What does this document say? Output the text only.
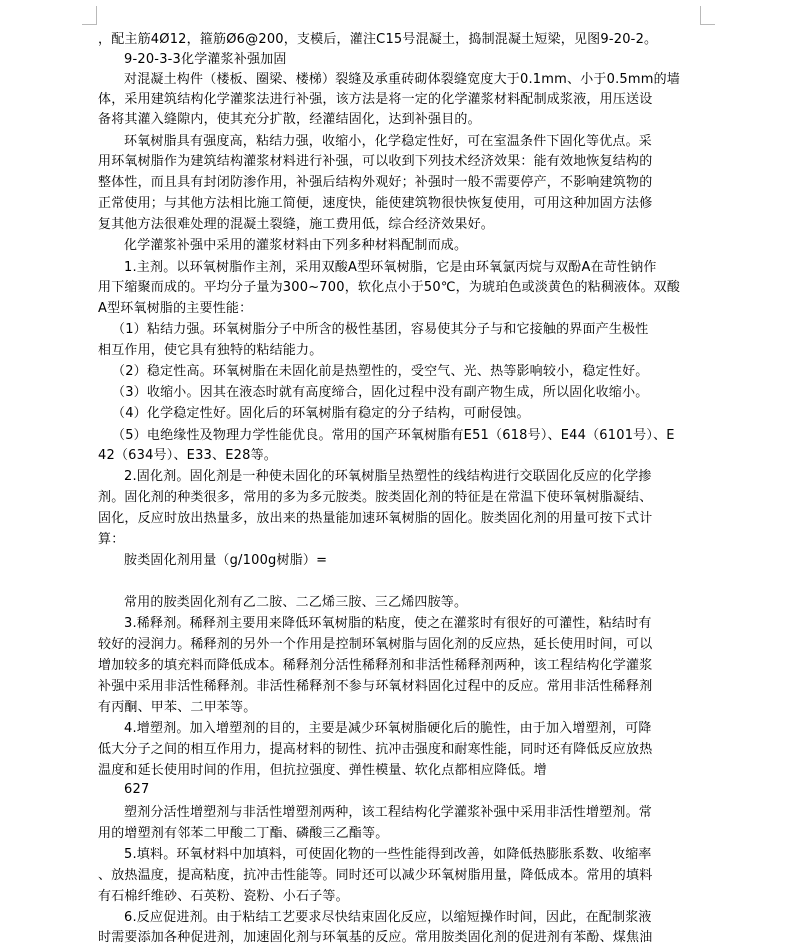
，配主筋4Ø12，箍筋Ø6@200，支模后，灌注C15号混凝土，捣制混凝土短梁，见图9-20-2。
9-20-3-3化学灌浆补强加固
对混凝土构件（楼板、圈梁、楼梯）裂缝及承重砖砌体裂缝宽度大于0.1mm、小于0.5mm的墙
体，采用建筑结构化学灌浆法进行补强，该方法是将一定的化学灌浆材料配制成浆液，用压送设
备将其灌入缝隙内，使其充分扩散，经灌结固化，达到补强目的。
环氧树脂具有强度高，粘结力强，收缩小，化学稳定性好，可在室温条件下固化等优点。采
用环氧树脂作为建筑结构灌浆材料进行补强，可以收到下列技术经济效果：能有效地恢复结构的
整体性，而且具有封闭防渗作用，补强后结构外观好；补强时一般不需要停产，不影响建筑物的
正常使用；与其他方法相比施工简便，速度快，能使建筑物很快恢复使用，可用这种加固方法修
复其他方法很难处理的混凝土裂缝，施工费用低，综合经济效果好。
化学灌浆补强中采用的灌浆材料由下列多种材料配制而成。
1.主剂。以环氧树脂作主剂，采用双酸A型环氧树脂，它是由环氧氯丙烷与双酚A在苛性钠作
用下缩聚而成的。平均分子量为300~700，软化点小于50℃，为琥珀色或淡黄色的粘稠液体。双酸
A型环氧树脂的主要性能：
（1）粘结力强。环氧树脂分子中所含的极性基团，容易使其分子与和它接触的界面产生极性
相互作用，使它具有独特的粘结能力。
（2）稳定性高。环氧树脂在未固化前是热塑性的，受空气、光、热等影响较小，稳定性好。
（3）收缩小。因其在液态时就有高度缔合，固化过程中没有副产物生成，所以固化收缩小。
（4）化学稳定性好。固化后的环氧树脂有稳定的分子结构，可耐侵蚀。
（5）电绝缘性及物理力学性能优良。常用的国产环氧树脂有E51（618号）、E44（6101号）、E
42（634号）、E33、E28等。
2.固化剂。固化剂是一种使未固化的环氧树脂呈热塑性的线结构进行交联固化反应的化学掺
剂。固化剂的种类很多，常用的多为多元胺类。胺类固化剂的特征是在常温下使环氧树脂凝结、
固化，反应时放出热量多，放出来的热量能加速环氧树脂的固化。胺类固化剂的用量可按下式计
算：
胺类固化剂用量（g/100g树脂）=
常用的胺类固化剂有乙二胺、二乙烯三胺、三乙烯四胺等。
3.稀释剂。稀释剂主要用来降低环氧树脂的粘度，使之在灌浆时有很好的可灌性，粘结时有
较好的浸润力。稀释剂的另外一个作用是控制环氧树脂与固化剂的反应热，延长使用时间，可以
增加较多的填充料而降低成本。稀释剂分活性稀释剂和非活性稀释剂两种，该工程结构化学灌浆
补强中采用非活性稀释剂。非活性稀释剂不参与环氧材料固化过程中的反应。常用非活性稀释剂
有丙酮、甲苯、二甲苯等。
4.增塑剂。加入增塑剂的目的，主要是减少环氧树脂硬化后的脆性，由于加入增塑剂，可降
低大分子之间的相互作用力，提高材料的韧性、抗冲击强度和耐寒性能，同时还有降低反应放热
温度和延长使用时间的作用，但抗拉强度、弹性模量、软化点都相应降低。增
627
塑剂分活性增塑剂与非活性增塑剂两种，该工程结构化学灌浆补强中采用非活性增塑剂。常
用的增塑剂有邻苯二甲酸二丁酯、磷酸三乙酯等。
5.填料。环氧材料中加填料，可使固化物的一些性能得到改善，如降低热膨胀系数、收缩率
、放热温度，提高粘度，抗冲击性能等。同时还可以减少环氧树脂用量，降低成本。常用的填料
有石棉纤维砂、石英粉、瓷粉、小石子等。
6.反应促进剂。由于粘结工艺要求尽快结束固化反应，以缩短操作时间，因此，在配制浆液
时需要添加各种促进剂，加速固化剂与环氧基的反应。常用胺类固化剂的促进剂有苯酚、煤焦油
